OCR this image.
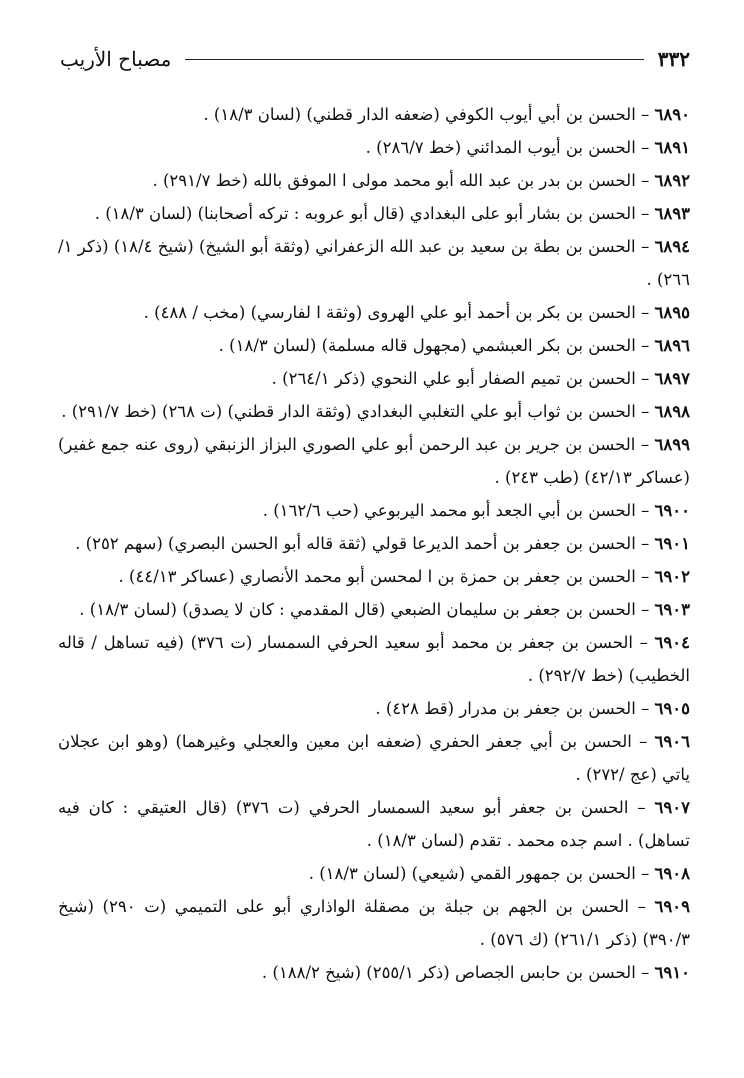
٣٣٢
مصباح الأريب

٦٨٩٠ – الحسن بن أبي أيوب الكوفي (ضعفه الدار قطني) (لسان ١٨/٣) .

٦٨٩١ – الحسن بن أيوب المدائني (خط ٢٨٦/٧) .

٦٨٩٢ – الحسن بن بدر بن عبد الله أبو محمد مولى ا الموفق بالله (خط ٢٩١/٧) .

٦٨٩٣ – الحسن بن بشار أبو على البغدادي (قال أبو عروبه : تركه أصحابنا) (لسان ١٨/٣) .

٦٨٩٤ – الحسن بن بطة بن سعيد بن عبد الله الزعفراني (وثقة أبو الشيخ) (شيخ ١٨/٤) (ذكر ١/ ٢٦٦) .

٦٨٩٥ – الحسن بن بكر بن أحمد أبو علي الهروى (وثقة ا لفارسي) (مخب / ٤٨٨) .

٦٨٩٦ – الحسن بن بكر العبشمي (مجهول قاله مسلمة) (لسان ١٨/٣) .

٦٨٩٧ – الحسن بن تميم الصفار أبو علي النحوي (ذكر ٢٦٤/١) .

٦٨٩٨ – الحسن بن ثواب أبو علي التغلبي البغدادي (وثقة الدار قطني) (ت ٢٦٨) (خط ٢٩١/٧) .

٦٨٩٩ – الحسن بن جرير بن عبد الرحمن أبو علي الصوري البزاز الزنبقي (روى عنه جمع غفير) (عساكر ٤٢/١٣) (طب ٢٤٣) .

٦٩٠٠ – الحسن بن أبي الجعد أبو محمد اليربوعي (حب ١٦٢/٦) .

٦٩٠١ – الحسن بن جعفر بن أحمد الديرعا قولي (ثقة قاله أبو الحسن البصري) (سهم ٢٥٢) .

٦٩٠٢ – الحسن بن جعفر بن حمزة بن ا لمحسن أبو محمد الأنصاري (عساكر ٤٤/١٣) .

٦٩٠٣ – الحسن بن جعفر بن سليمان الضبعي (قال المقدمي : كان لا يصدق) (لسان ١٨/٣) .

٦٩٠٤ – الحسن بن جعفر بن محمد أبو سعيد الحرفي السمسار (ت ٣٧٦) (فيه تساهل / قاله الخطيب) (خط ٢٩٢/٧) .

٦٩٠٥ – الحسن بن جعفر بن مدرار (قط ٤٢٨) .

٦٩٠٦ – الحسن بن أبي جعفر الحفري (ضعفه ابن معين والعجلي وغيرهما) (وهو ابن عجلان ياتي (عج /٢٧٢) .

٦٩٠٧ – الحسن بن جعفر أبو سعيد السمسار الحرفي (ت ٣٧٦) (قال العتيقي : كان فيه تساهل) . اسم جده محمد . تقدم (لسان ١٨/٣) .

٦٩٠٨ – الحسن بن جمهور القمي (شيعي) (لسان ١٨/٣) .

٦٩٠٩ – الحسن بن الجهم بن جبلة بن مصقلة الواذاري أبو على التميمي (ت ٢٩٠) (شيخ ٣٩٠/٣) (ذكر ٢٦١/١) (ك ٥٧٦) .

٦٩١٠ – الحسن بن حابس الجصاص (ذكر ٢٥٥/١) (شيخ ١٨٨/٢) .
